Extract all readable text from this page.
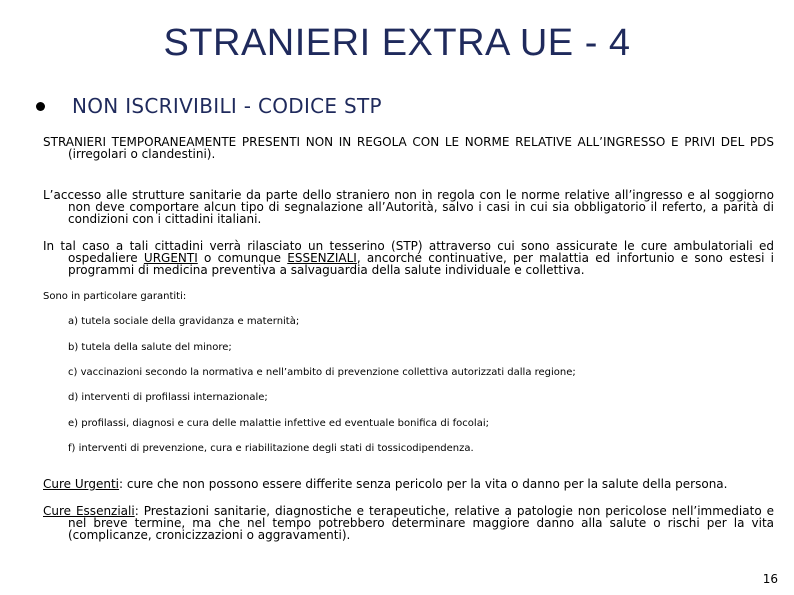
STRANIERI EXTRA UE - 4
NON ISCRIVIBILI - CODICE STP
STRANIERI TEMPORANEAMENTE PRESENTI NON IN REGOLA CON LE NORME RELATIVE ALL’INGRESSO E PRIVI DEL PDS (irregolari o clandestini).
L’accesso alle strutture sanitarie da parte dello straniero non in regola con le norme relative all’ingresso e al soggiorno non deve comportare alcun tipo di segnalazione all’Autorità, salvo i casi in cui sia obbligatorio il referto, a parità di condizioni con i cittadini italiani.
In tal caso a tali cittadini verrà rilasciato un tesserino (STP) attraverso cui sono assicurate le cure ambulatoriali ed ospedaliere URGENTI o comunque ESSENZIALI, ancorché continuative, per malattia ed infortunio e sono estesi i programmi di medicina preventiva a salvaguardia della salute individuale e collettiva.
Sono in particolare garantiti:
a) tutela sociale della gravidanza e maternità;
b) tutela della salute del minore;
c) vaccinazioni secondo la normativa e nell’ambito di prevenzione collettiva autorizzati dalla regione;
d) interventi di profilassi internazionale;
e) profilassi, diagnosi e cura delle malattie infettive ed eventuale bonifica di focolai;
f) interventi di prevenzione, cura e riabilitazione degli stati di tossicodipendenza.
Cure Urgenti: cure che non possono essere differite senza pericolo per la vita o danno per la salute della persona.
Cure Essenziali: Prestazioni sanitarie, diagnostiche e terapeutiche, relative a patologie non pericolose nell’immediato e nel breve termine, ma che nel tempo potrebbero determinare maggiore danno alla salute o rischi per la vita (complicanze, cronicizzazioni o aggravamenti).
16
